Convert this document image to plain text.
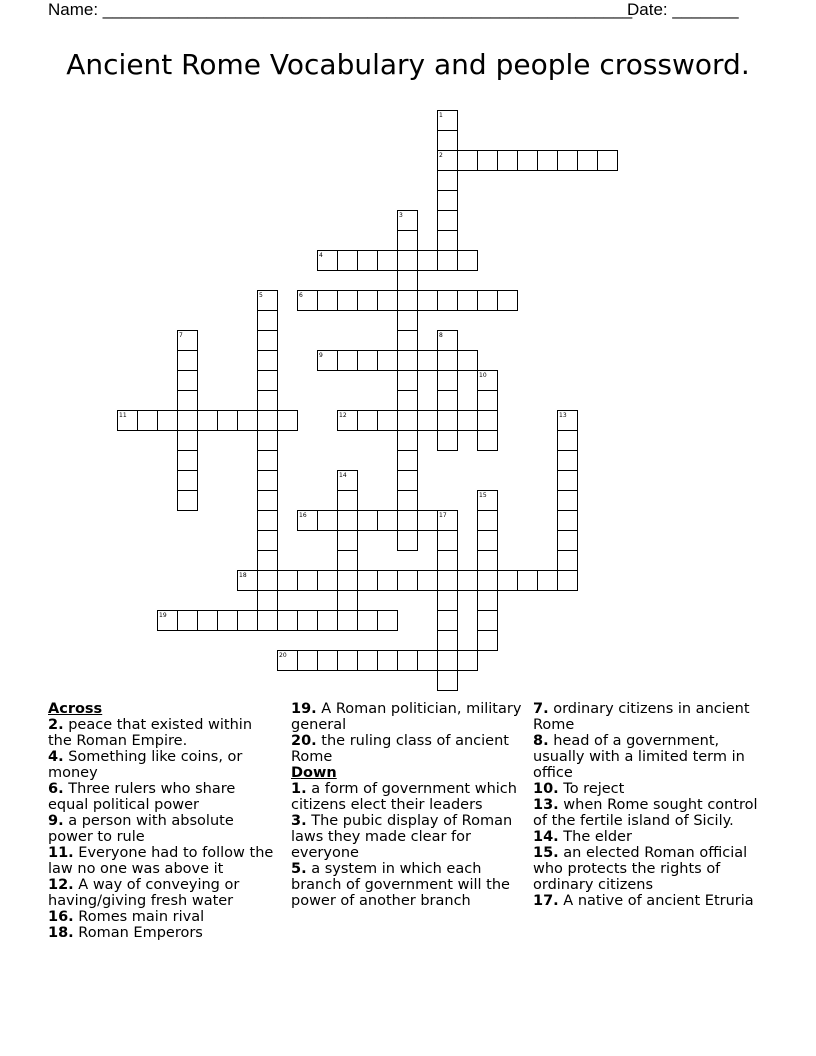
Name: ________________________________________________________

Date: _______

Ancient Rome Vocabulary and people crossword.
1
2
3
4
5	6
7	8
9
10
11	12	13
14
15
16	17
18
19
20
Across
2. peace that existed within the Roman Empire.
4. Something like coins, or money
6. Three rulers who share equal political power
9. a person with absolute power to rule
11. Everyone had to follow the law no one was above it
12. A way of conveying or having/giving fresh water
16. Romes main rival
18. Roman Emperors
19. A Roman politician, military general
20. the ruling class of ancient Rome
Down
1. a form of government which citizens elect their leaders
3. The pubic display of Roman laws they made clear for everyone
5. a system in which each branch of government will the power of another branch
7. ordinary citizens in ancient Rome
8. head of a government, usually with a limited term in office
10. To reject
13. when Rome sought control of the fertile island of Sicily.
14. The elder
15. an elected Roman official who protects the rights of ordinary citizens
17. A native of ancient Etruria
